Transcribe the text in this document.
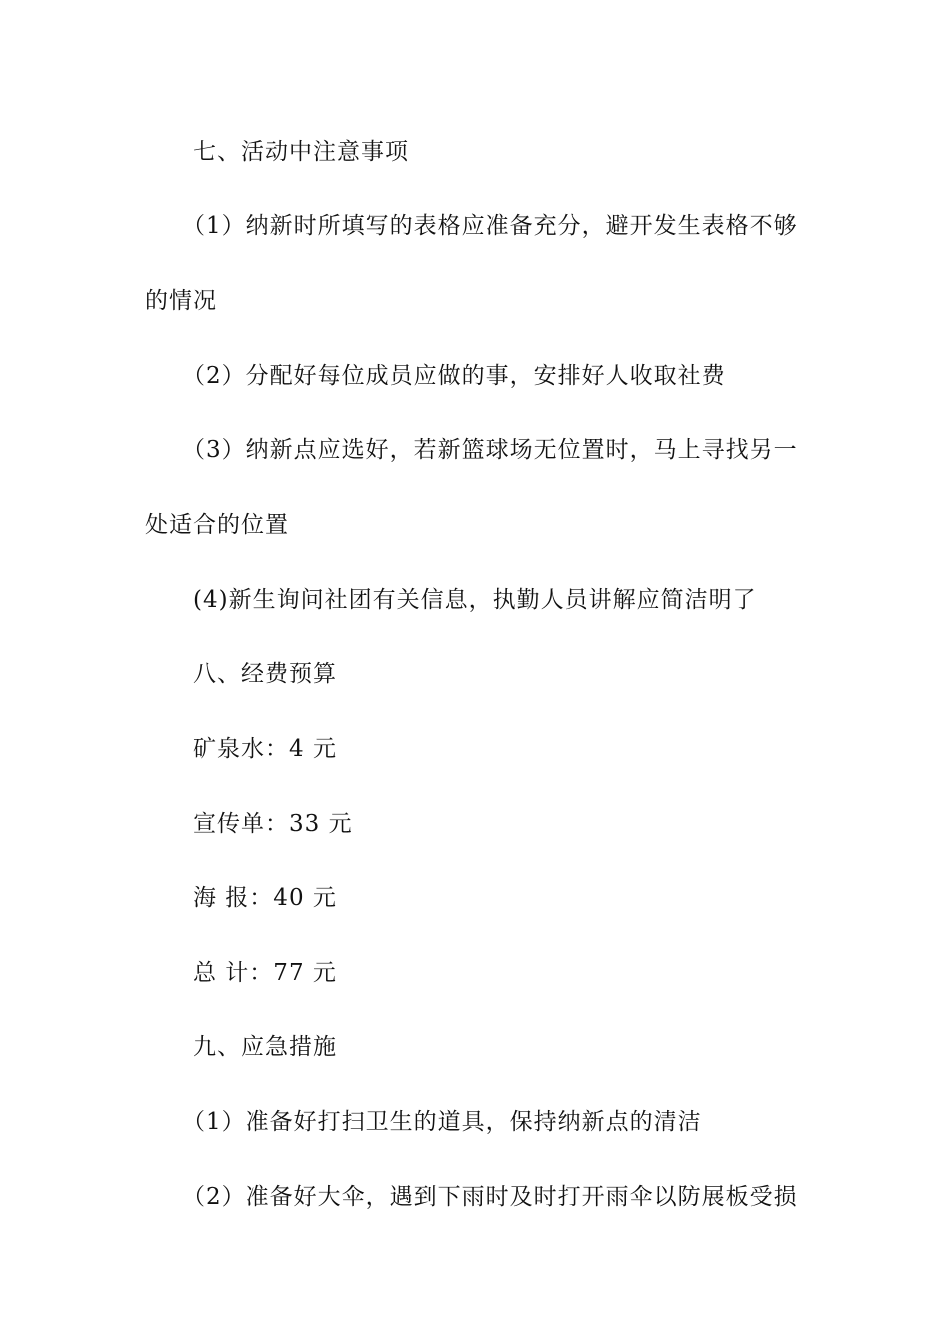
七、活动中注意事项
（1）纳新时所填写的表格应准备充分，避开发生表格不够
的情况
（2）分配好每位成员应做的事，安排好人收取社费
（3）纳新点应选好，若新篮球场无位置时，马上寻找另一
处适合的位置
(4)新生询问社团有关信息，执勤人员讲解应简洁明了
八、经费预算
矿泉水：4 元
宣传单：33 元
海 报：40 元
总 计：77 元
九、应急措施
（1）准备好打扫卫生的道具，保持纳新点的清洁
（2）准备好大伞，遇到下雨时及时打开雨伞以防展板受损
